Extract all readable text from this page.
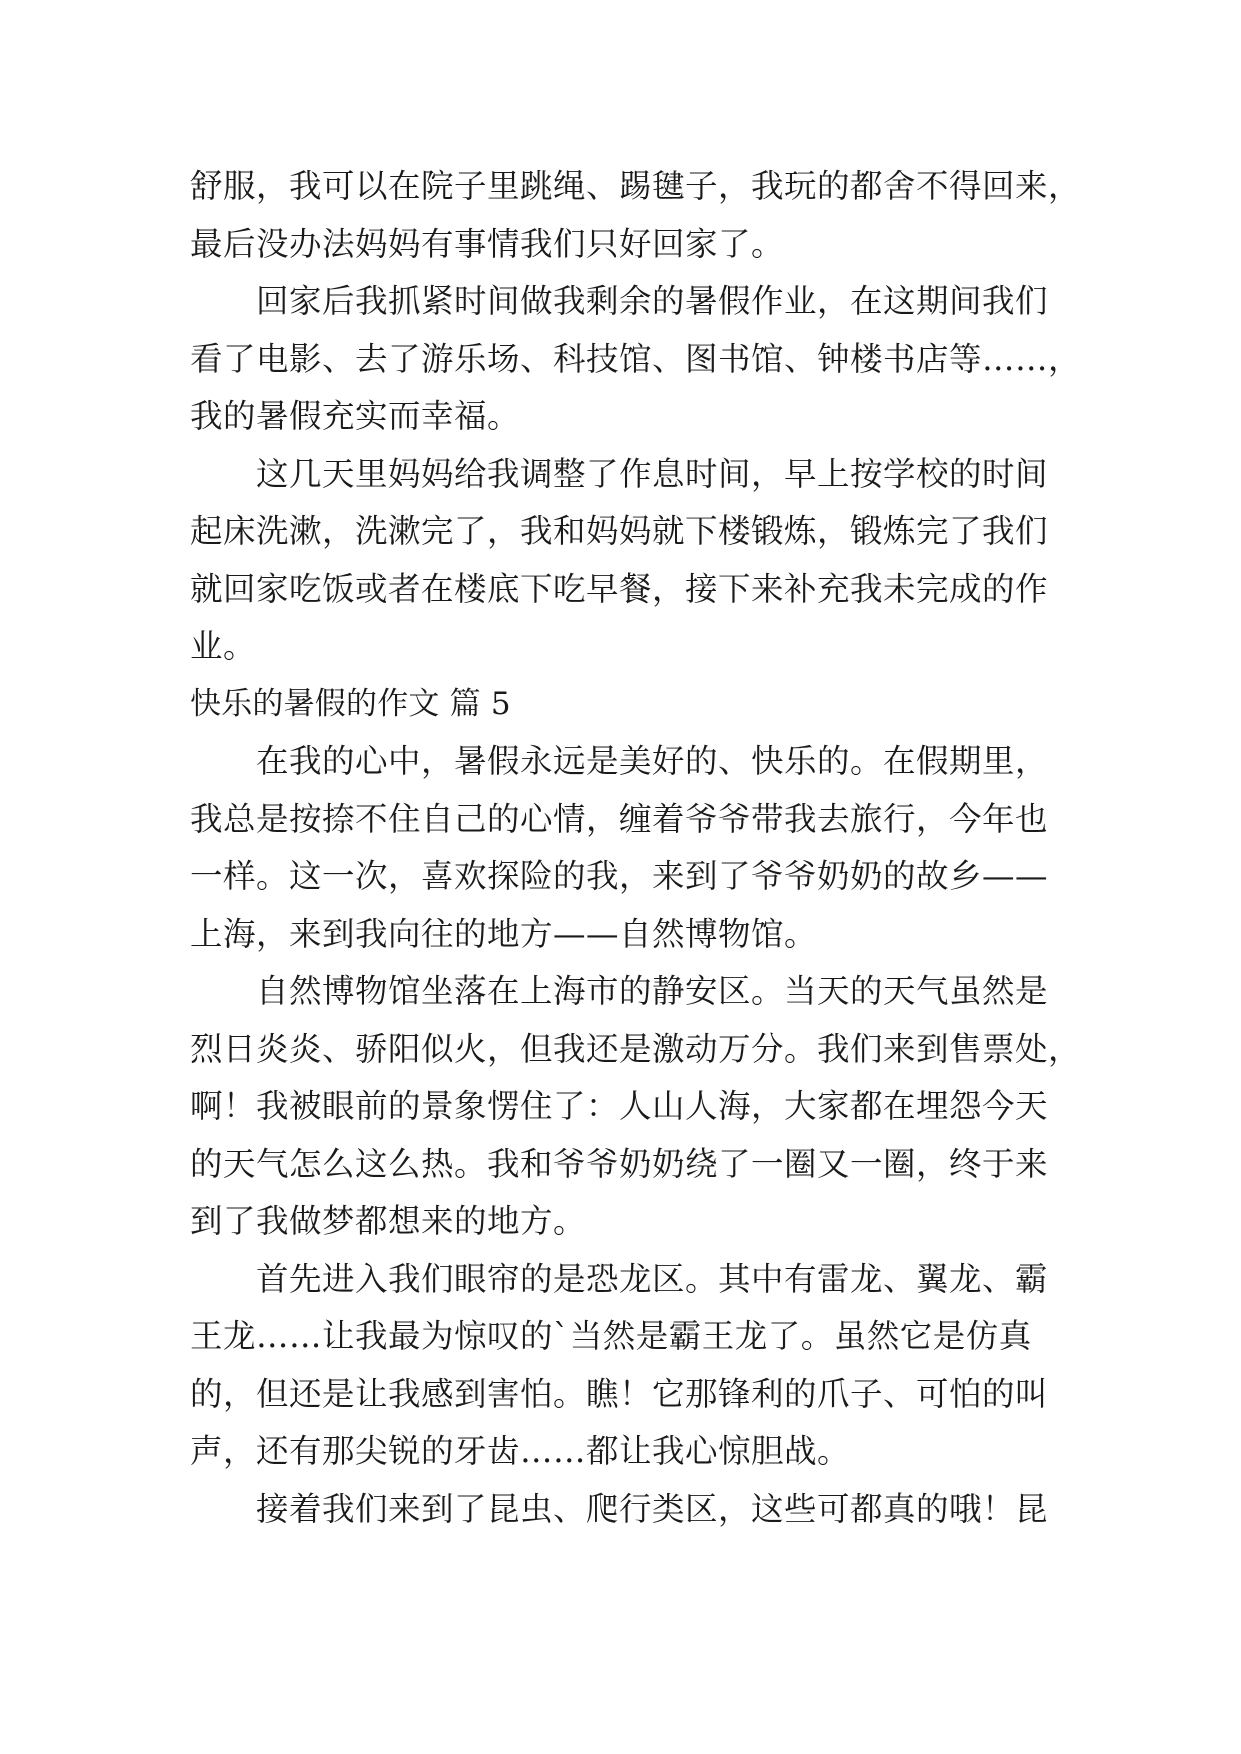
舒服，我可以在院子里跳绳、踢毽子，我玩的都舍不得回来，
最后没办法妈妈有事情我们只好回家了。
　　回家后我抓紧时间做我剩余的暑假作业，在这期间我们
看了电影、去了游乐场、科技馆、图书馆、钟楼书店等……，
我的暑假充实而幸福。
　　这几天里妈妈给我调整了作息时间，早上按学校的时间
起床洗漱，洗漱完了，我和妈妈就下楼锻炼，锻炼完了我们
就回家吃饭或者在楼底下吃早餐，接下来补充我未完成的作
业。
快乐的暑假的作文 篇 5
　　在我的心中，暑假永远是美好的、快乐的。在假期里，
我总是按捺不住自己的心情，缠着爷爷带我去旅行，今年也
一样。这一次，喜欢探险的我，来到了爷爷奶奶的故乡——
上海，来到我向往的地方——自然博物馆。
　　自然博物馆坐落在上海市的静安区。当天的天气虽然是
烈日炎炎、骄阳似火，但我还是激动万分。我们来到售票处，
啊！我被眼前的景象愣住了：人山人海，大家都在埋怨今天
的天气怎么这么热。我和爷爷奶奶绕了一圈又一圈，终于来
到了我做梦都想来的地方。
　　首先进入我们眼帘的是恐龙区。其中有雷龙、翼龙、霸
王龙……让我最为惊叹的`当然是霸王龙了。虽然它是仿真
的，但还是让我感到害怕。瞧！它那锋利的爪子、可怕的叫
声，还有那尖锐的牙齿……都让我心惊胆战。
　　接着我们来到了昆虫、爬行类区，这些可都真的哦！昆
